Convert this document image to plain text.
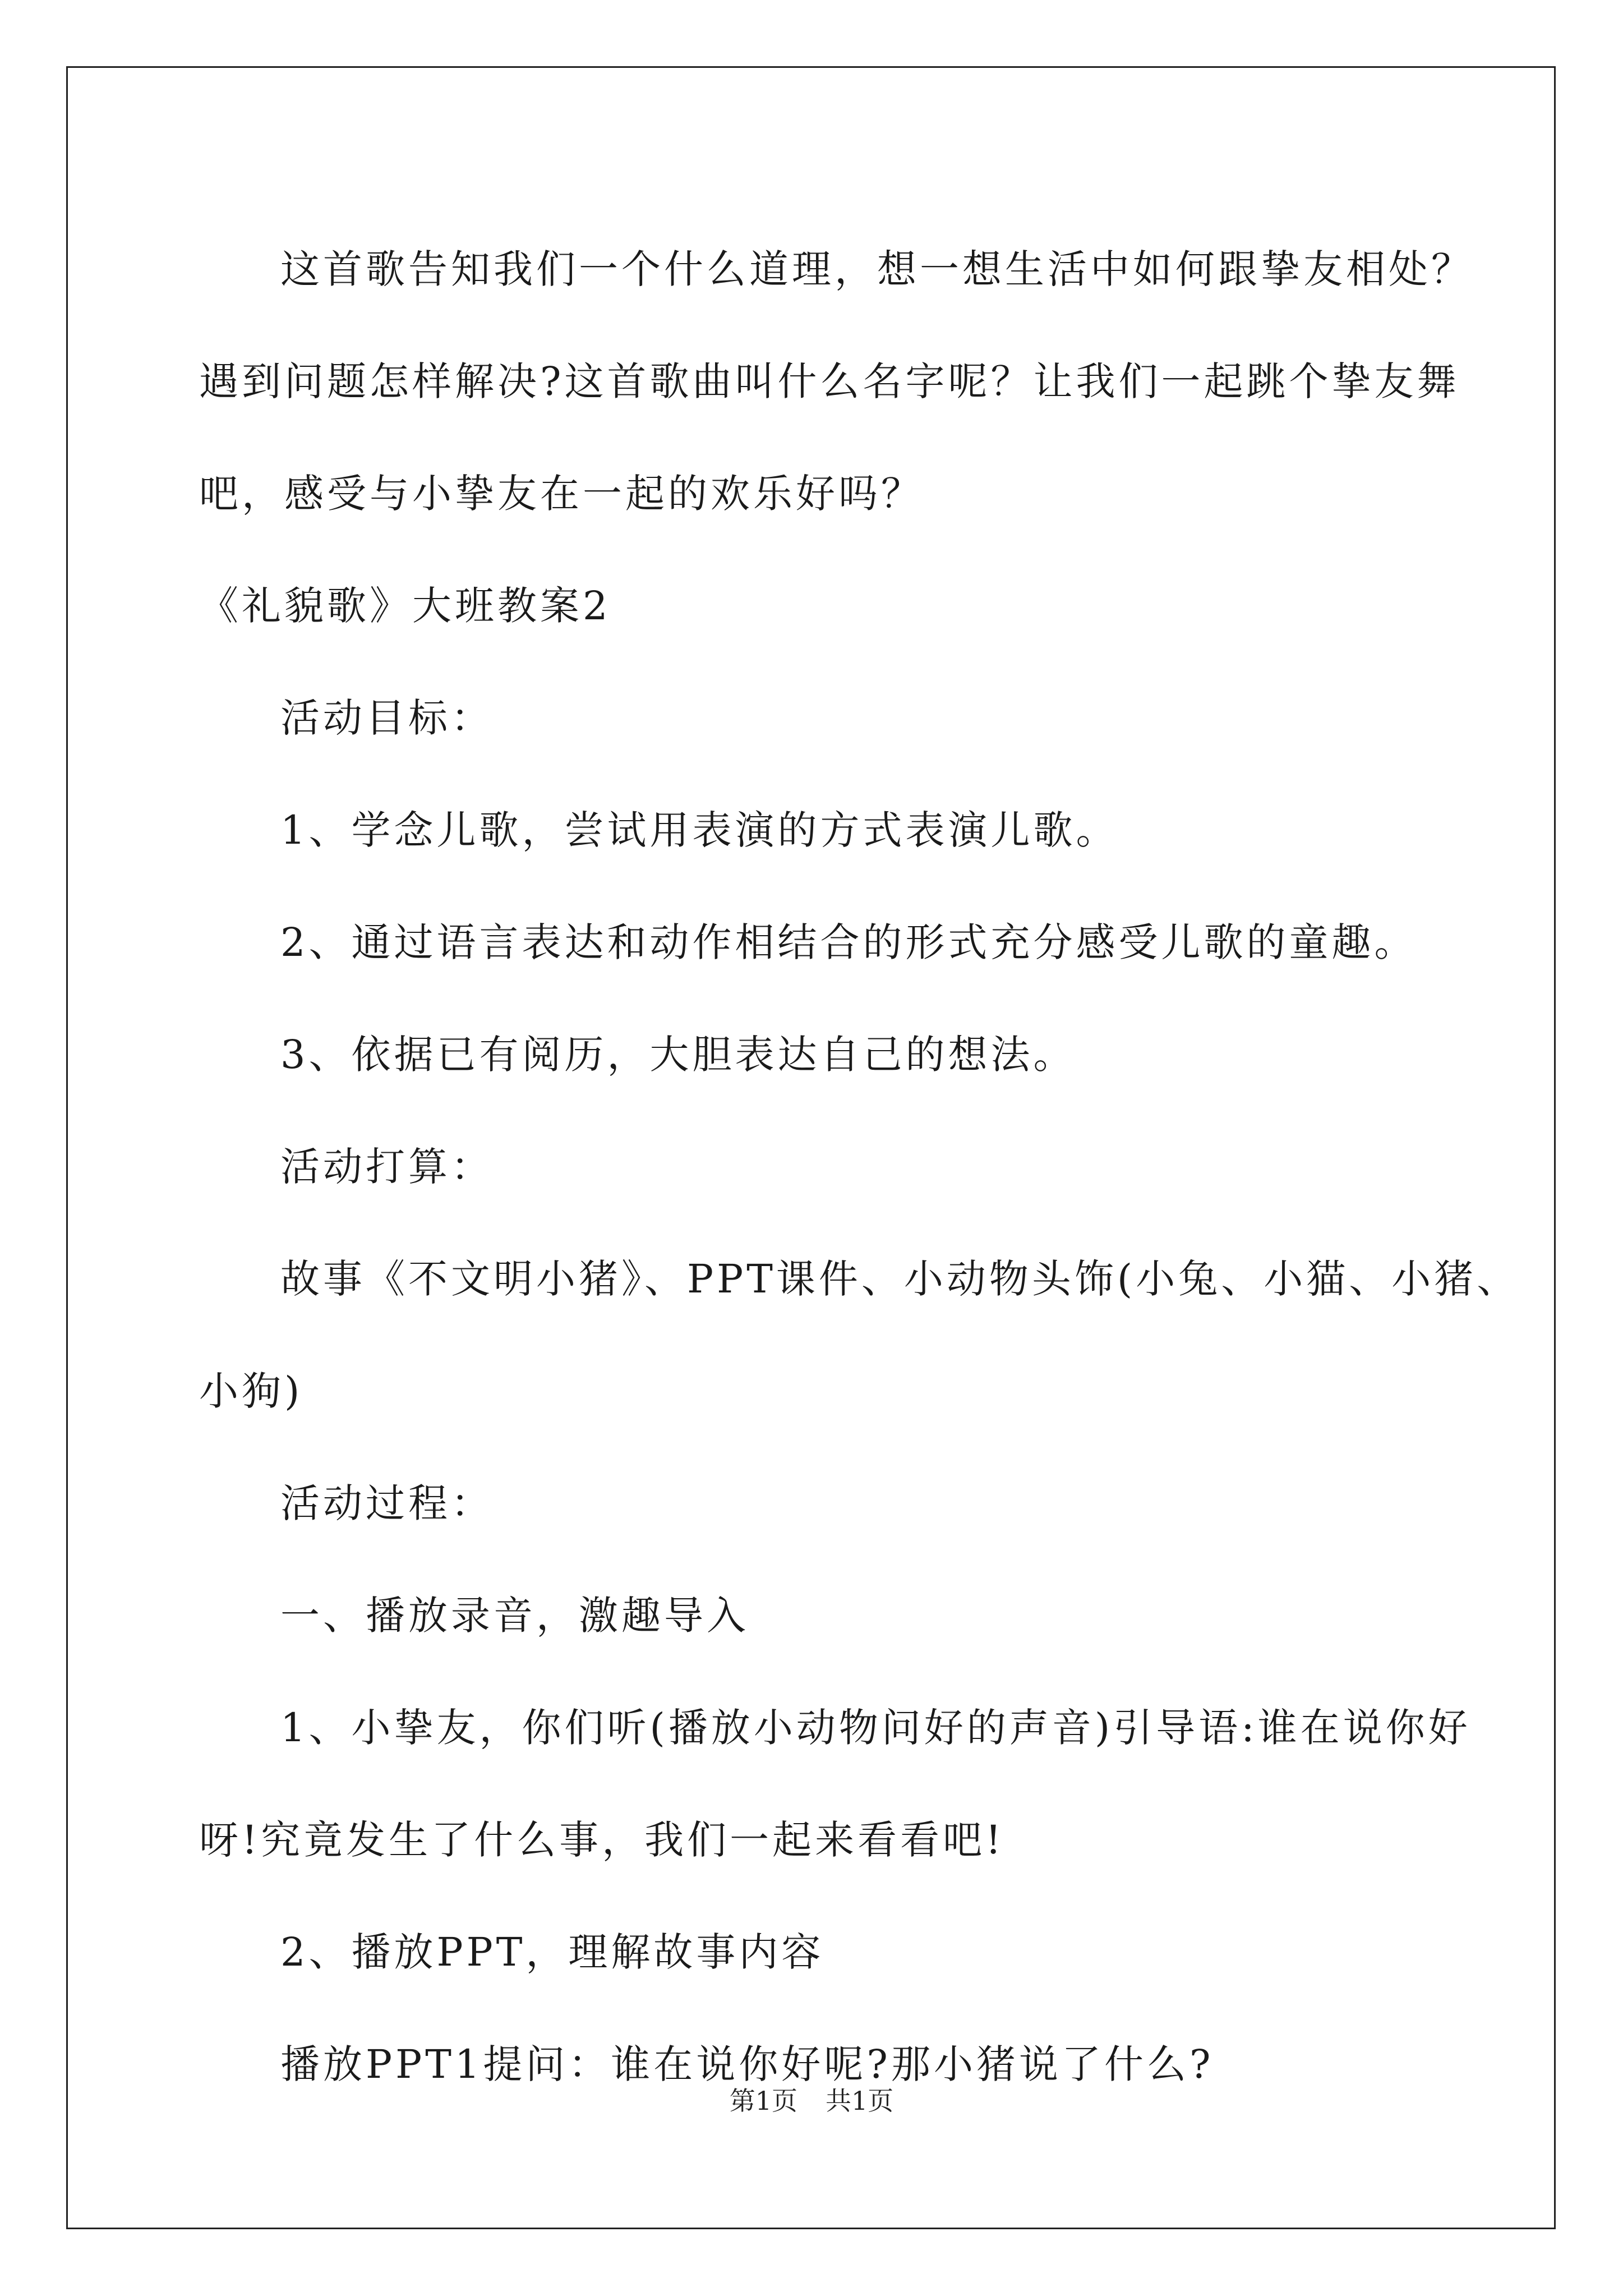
这首歌告知我们一个什么道理，想一想生活中如何跟挚友相处？

遇到问题怎样解决?这首歌曲叫什么名字呢？让我们一起跳个挚友舞

吧，感受与小挚友在一起的欢乐好吗？

《礼貌歌》大班教案2

活动目标：

1、学念儿歌，尝试用表演的方式表演儿歌。

2、通过语言表达和动作相结合的形式充分感受儿歌的童趣。

3、依据已有阅历，大胆表达自己的想法。

活动打算：

故事《不文明小猪》、PPT课件、小动物头饰(小兔、小猫、小猪、

小狗)

活动过程：

一、播放录音，激趣导入

1、小挚友，你们听(播放小动物问好的声音)引导语:谁在说你好

呀!究竟发生了什么事，我们一起来看看吧!

2、播放PPT，理解故事内容

播放PPT1提问：谁在说你好呢?那小猪说了什么?

第1页 共1页
